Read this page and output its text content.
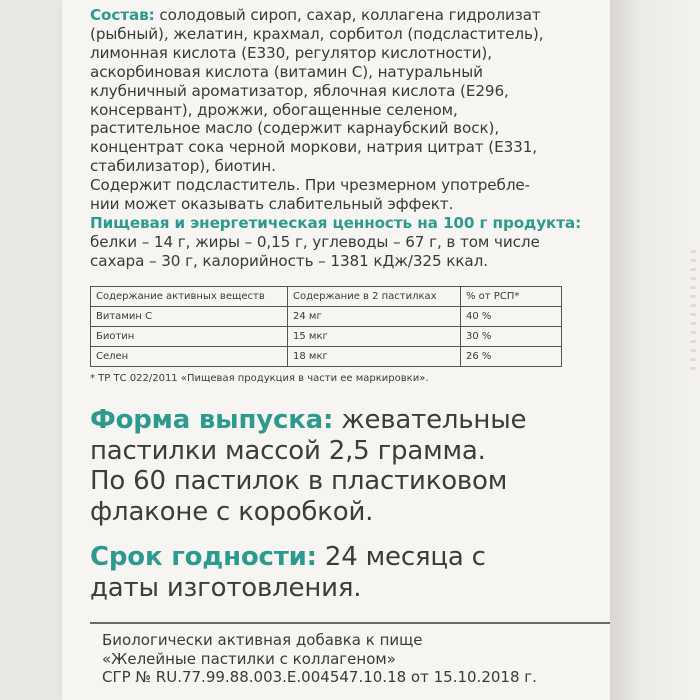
Состав: солодовый сироп, сахар, коллагена гидролизат

(рыбный), желатин, крахмал, сорбитол (подсластитель),

лимонная кислота (Е330, регулятор кислотности),

аскорбиновая кислота (витамин С), натуральный

клубничный ароматизатор, яблочная кислота (Е296,

консервант), дрожжи, обогащенные селеном,

растительное масло (содержит карнаубский воск),

концентрат сока черной моркови, натрия цитрат (Е331,

стабилизатор), биотин.

Содержит подсластитель. При чрезмерном употребле-

нии может оказывать слабительный эффект.

Пищевая и энергетическая ценность на 100 г продукта:

белки – 14 г, жиры – 0,15 г, углеводы – 67 г, в том числе

сахара – 30 г, калорийность – 1381 кДж/325 ккал.

Содержание активных веществ	Содержание в 2 пастилках	% от РСП*
Витамин С	24 мг	40 %
Биотин	15 мкг	30 %
Селен	18 мкг	26 %
* ТР ТС 022/2011 «Пищевая продукция в части ее маркировки».
Форма выпуска: жевательные
пастилки массой 2,5 грамма.
По 60 пастилок в пластиковом
флаконе с коробкой.
Срок годности: 24 месяца с
даты изготовления.
Биологически активная добавка к пище
«Желейные пастилки с коллагеном»
СГР № RU.77.99.88.003.Е.004547.10.18 от 15.10.2018 г.
